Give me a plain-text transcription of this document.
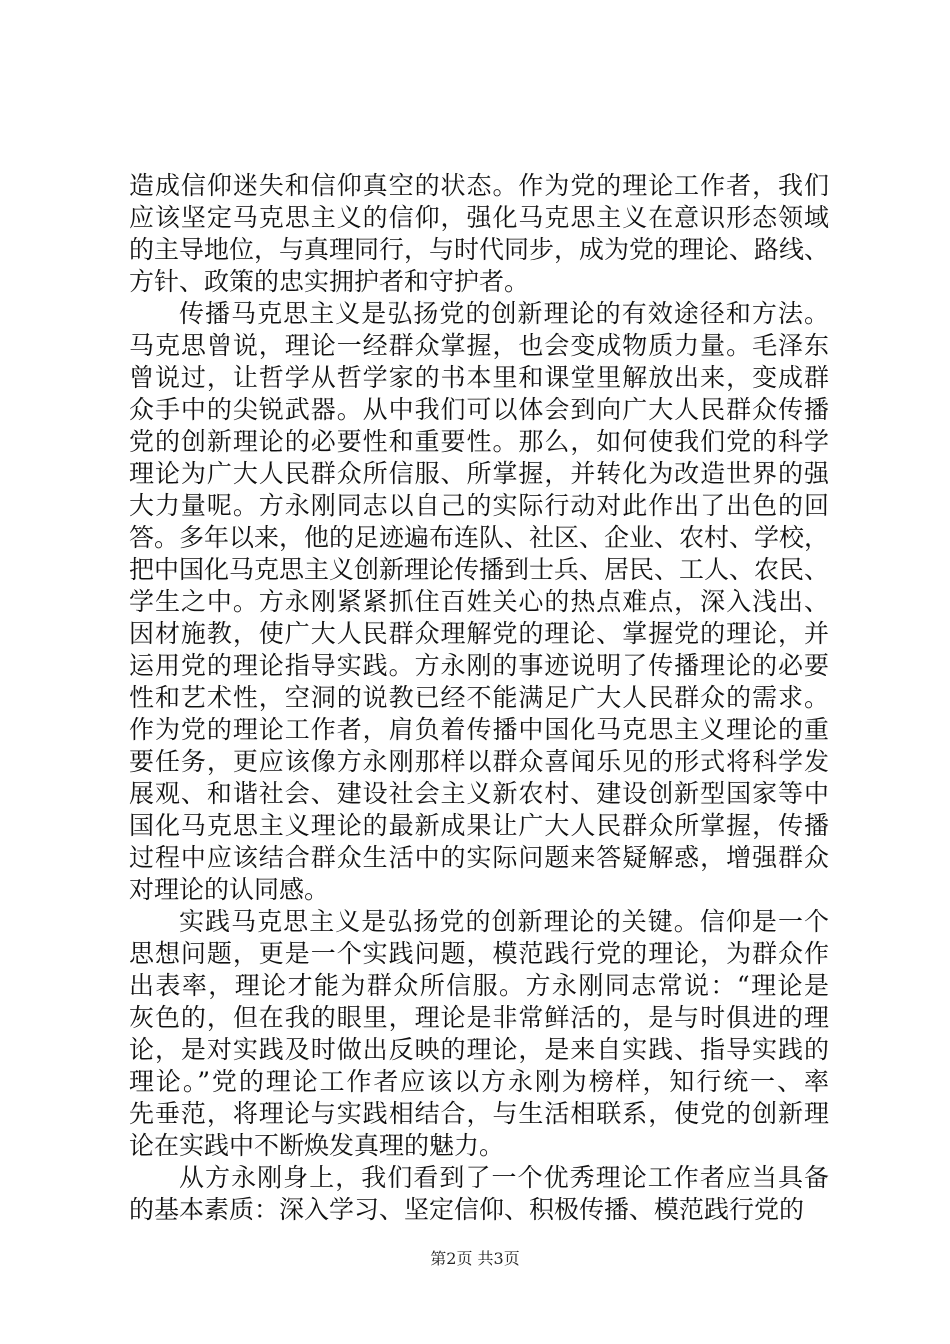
造成信仰迷失和信仰真空的状态。作为党的理论工作者，我们
应该坚定马克思主义的信仰，强化马克思主义在意识形态领域
的主导地位，与真理同行，与时代同步，成为党的理论、路线、
方针、政策的忠实拥护者和守护者。
传播马克思主义是弘扬党的创新理论的有效途径和方法。
马克思曾说，理论一经群众掌握，也会变成物质力量。毛泽东
曾说过，让哲学从哲学家的书本里和课堂里解放出来，变成群
众手中的尖锐武器。从中我们可以体会到向广大人民群众传播
党的创新理论的必要性和重要性。那么，如何使我们党的科学
理论为广大人民群众所信服、所掌握，并转化为改造世界的强
大力量呢。方永刚同志以自己的实际行动对此作出了出色的回
答。多年以来，他的足迹遍布连队、社区、企业、农村、学校，
把中国化马克思主义创新理论传播到士兵、居民、工人、农民、
学生之中。方永刚紧紧抓住百姓关心的热点难点，深入浅出、
因材施教，使广大人民群众理解党的理论、掌握党的理论，并
运用党的理论指导实践。方永刚的事迹说明了传播理论的必要
性和艺术性，空洞的说教已经不能满足广大人民群众的需求。
作为党的理论工作者，肩负着传播中国化马克思主义理论的重
要任务，更应该像方永刚那样以群众喜闻乐见的形式将科学发
展观、和谐社会、建设社会主义新农村、建设创新型国家等中
国化马克思主义理论的最新成果让广大人民群众所掌握，传播
过程中应该结合群众生活中的实际问题来答疑解惑，增强群众
对理论的认同感。
实践马克思主义是弘扬党的创新理论的关键。信仰是一个
思想问题，更是一个实践问题，模范践行党的理论，为群众作
出表率，理论才能为群众所信服。方永刚同志常说：“理论是
灰色的，但在我的眼里，理论是非常鲜活的，是与时俱进的理
论，是对实践及时做出反映的理论，是来自实践、指导实践的
理论。”党的理论工作者应该以方永刚为榜样，知行统一、率
先垂范，将理论与实践相结合，与生活相联系，使党的创新理
论在实践中不断焕发真理的魅力。
从方永刚身上，我们看到了一个优秀理论工作者应当具备
的基本素质：深入学习、坚定信仰、积极传播、模范践行党的
第2页 共3页
